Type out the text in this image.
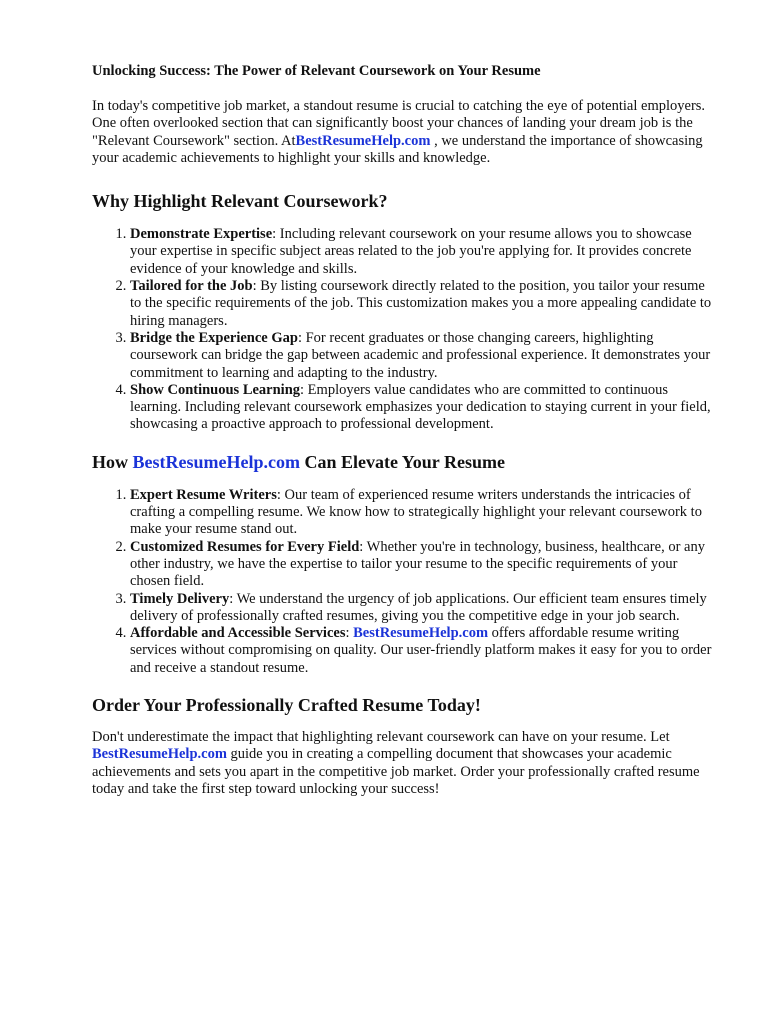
Unlocking Success: The Power of Relevant Coursework on Your Resume

In today's competitive job market, a standout resume is crucial to catching the eye of potential employers. One often overlooked section that can significantly boost your chances of landing your dream job is the "Relevant Coursework" section. AtBestResumeHelp.com , we understand the importance of showcasing your academic achievements to highlight your skills and knowledge.

Why Highlight Relevant Coursework?
1. Demonstrate Expertise: Including relevant coursework on your resume allows you to showcase your expertise in specific subject areas related to the job you're applying for. It provides concrete evidence of your knowledge and skills.
2. Tailored for the Job: By listing coursework directly related to the position, you tailor your resume to the specific requirements of the job. This customization makes you a more appealing candidate to hiring managers.
3. Bridge the Experience Gap: For recent graduates or those changing careers, highlighting coursework can bridge the gap between academic and professional experience. It demonstrates your commitment to learning and adapting to the industry.
4. Show Continuous Learning: Employers value candidates who are committed to continuous learning. Including relevant coursework emphasizes your dedication to staying current in your field, showcasing a proactive approach to professional development.
How BestResumeHelp.com Can Elevate Your Resume
1. Expert Resume Writers: Our team of experienced resume writers understands the intricacies of crafting a compelling resume. We know how to strategically highlight your relevant coursework to make your resume stand out.
2. Customized Resumes for Every Field: Whether you're in technology, business, healthcare, or any other industry, we have the expertise to tailor your resume to the specific requirements of your chosen field.
3. Timely Delivery: We understand the urgency of job applications. Our efficient team ensures timely delivery of professionally crafted resumes, giving you the competitive edge in your job search.
4. Affordable and Accessible Services: BestResumeHelp.com offers affordable resume writing services without compromising on quality. Our user-friendly platform makes it easy for you to order and receive a standout resume.
Order Your Professionally Crafted Resume Today!

Don't underestimate the impact that highlighting relevant coursework can have on your resume. Let BestResumeHelp.com guide you in creating a compelling document that showcases your academic achievements and sets you apart in the competitive job market. Order your professionally crafted resume today and take the first step toward unlocking your success!
